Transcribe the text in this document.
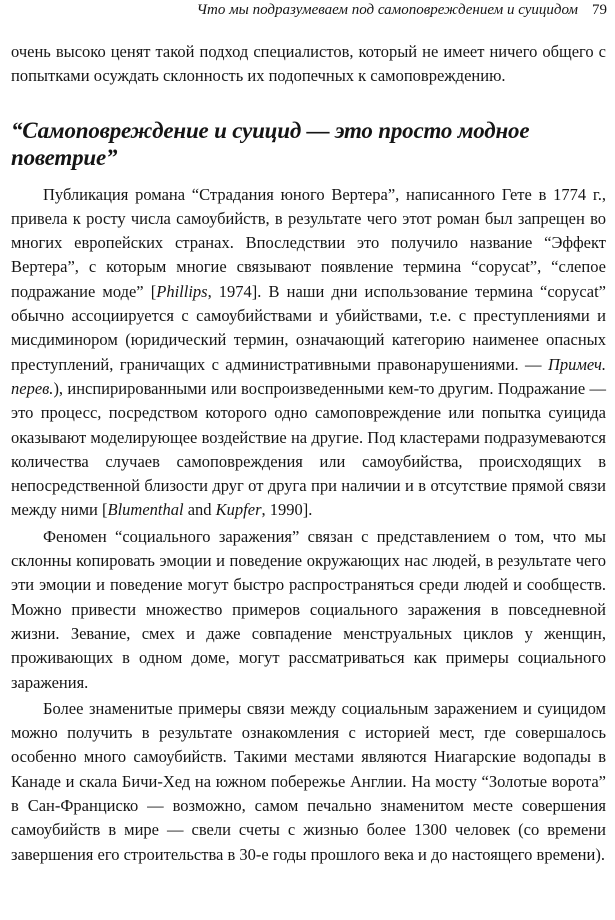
Что мы подразумеваем под самоповреждением и суицидом 79

очень высоко ценят такой подход специалистов, который не имеет ничего общего с попытками осуждать склонность их подопечных к самоповреждению.

“Самоповреждение и суицид — это просто модное поветрие”

Публикация романа “Страдания юного Вертера”, написанного Гете в 1774 г., привела к росту числа самоубийств, в результате чего этот роман был запрещен во многих европейских странах. Впоследствии это получило название “Эффект Вертера”, с которым многие связывают появление термина “copycat”, “слепое подражание моде” [Phillips, 1974]. В наши дни использование термина “copycat” обычно ассоциируется с самоубийствами и убийствами, т.е. с преступлениями и мисдиминором (юридический термин, означающий категорию наименее опасных преступлений, граничащих с административными правонарушениями. — Примеч. перев.), инспирированными или воспроизведенными кем-то другим. Подражание — это процесс, посредством которого одно самоповреждение или попытка суицида оказывают моделирующее воздействие на другие. Под кластерами подразумеваются количества случаев самоповреждения или самоубийства, происходящих в непосредственной близости друг от друга при наличии и в отсутствие прямой связи между ними [Blumenthal and Kupfer, 1990].

Феномен “социального заражения” связан с представлением о том, что мы склонны копировать эмоции и поведение окружающих нас людей, в результате чего эти эмоции и поведение могут быстро распространяться среди людей и сообществ. Можно привести множество примеров социального заражения в повседневной жизни. Зевание, смех и даже совпадение менструальных циклов у женщин, проживающих в одном доме, могут рассматриваться как примеры социального заражения.

Более знаменитые примеры связи между социальным заражением и суицидом можно получить в результате ознакомления с историей мест, где совершалось особенно много самоубийств. Такими местами являются Ниагарские водопады в Канаде и скала Бичи-Хед на южном побережье Англии. На мосту “Золотые ворота” в Сан-Франциско — возможно, самом печально знаменитом месте совершения самоубийств в мире — свели счеты с жизнью более 1300 человек (со времени завершения его строительства в 30-е годы прошлого века и до настоящего времени).
